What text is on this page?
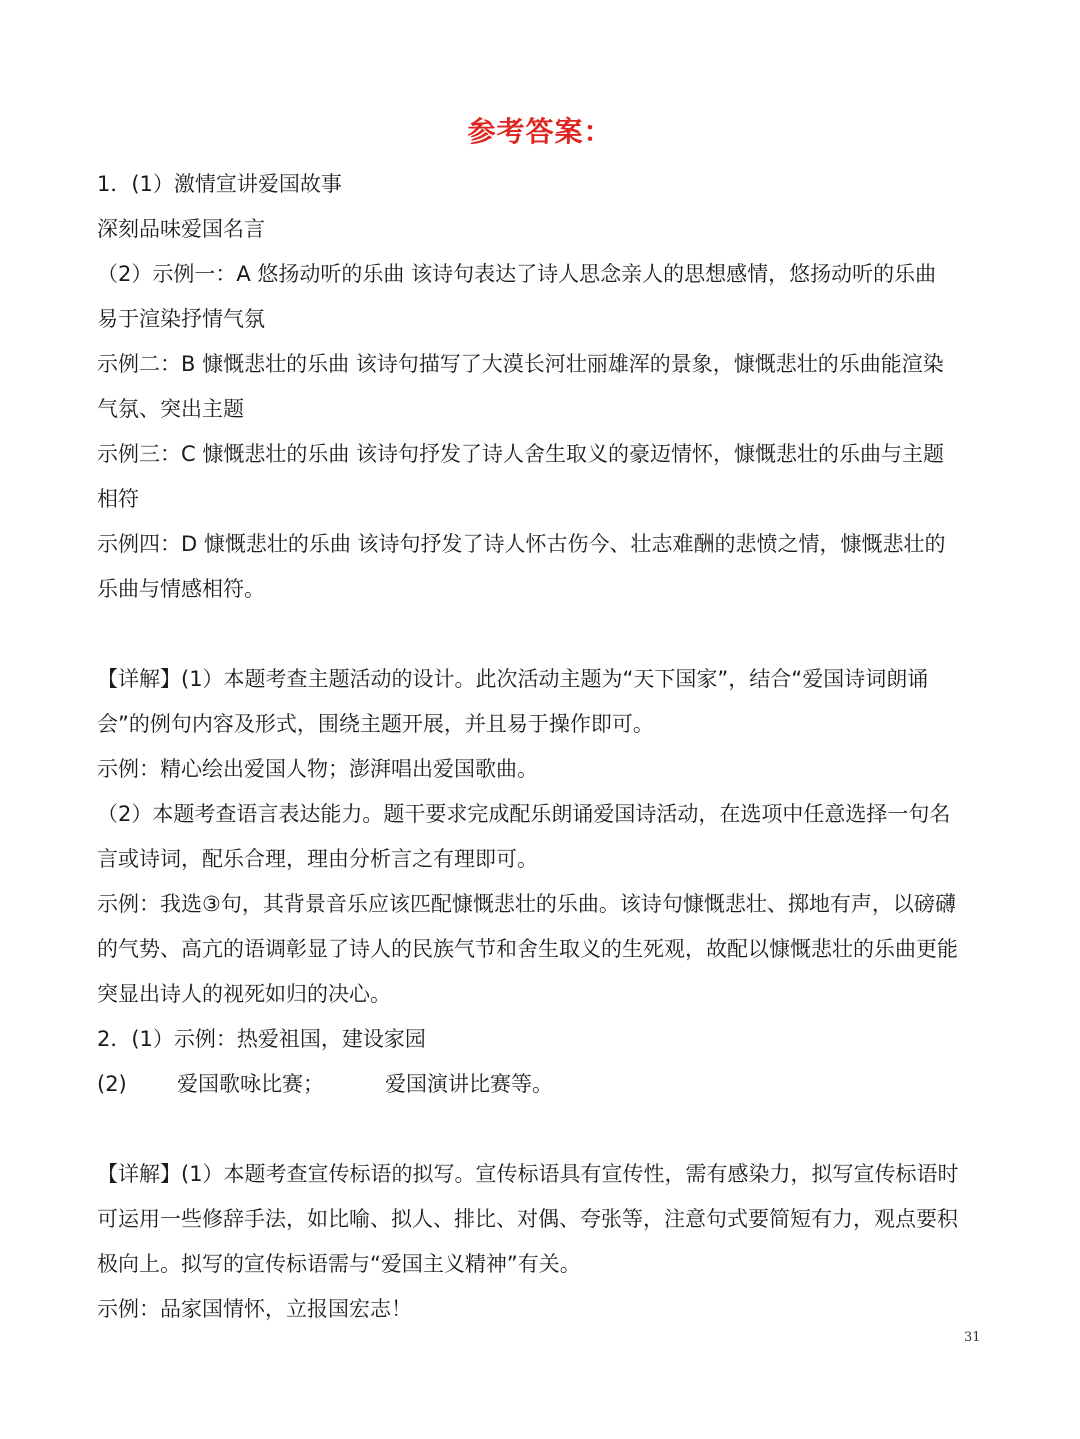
参考答案：

1．(1）激情宣讲爱国故事

深刻品味爱国名言

（2）示例一：A 悠扬动听的乐曲 该诗句表达了诗人思念亲人的思想感情，悠扬动听的乐曲

易于渲染抒情气氛

示例二：B 慷慨悲壮的乐曲 该诗句描写了大漠长河壮丽雄浑的景象，慷慨悲壮的乐曲能渲染

气氛、突出主题

示例三：C 慷慨悲壮的乐曲 该诗句抒发了诗人舍生取义的豪迈情怀，慷慨悲壮的乐曲与主题

相符

示例四：D 慷慨悲壮的乐曲 该诗句抒发了诗人怀古伤今、壮志难酬的悲愤之情，慷慨悲壮的

乐曲与情感相符。

【详解】(1）本题考查主题活动的设计。此次活动主题为“天下国家”，结合“爱国诗词朗诵

会”的例句内容及形式，围绕主题开展，并且易于操作即可。

示例：精心绘出爱国人物；澎湃唱出爱国歌曲。

（2）本题考查语言表达能力。题干要求完成配乐朗诵爱国诗活动，在选项中任意选择一句名

言或诗词，配乐合理，理由分析言之有理即可。

示例：我选③句，其背景音乐应该匹配慷慨悲壮的乐曲。该诗句慷慨悲壮、掷地有声，以磅礴

的气势、高亢的语调彰显了诗人的民族气节和舍生取义的生死观，故配以慷慨悲壮的乐曲更能

突显出诗人的视死如归的决心。

2．(1）示例：热爱祖国，建设家园

(2) 爱国歌咏比赛；	爱国演讲比赛等。

【详解】(1）本题考查宣传标语的拟写。宣传标语具有宣传性，需有感染力，拟写宣传标语时

可运用一些修辞手法，如比喻、拟人、排比、对偶、夸张等，注意句式要简短有力，观点要积

极向上。拟写的宣传标语需与“爱国主义精神”有关。

示例：品家国情怀，立报国宏志！

31
